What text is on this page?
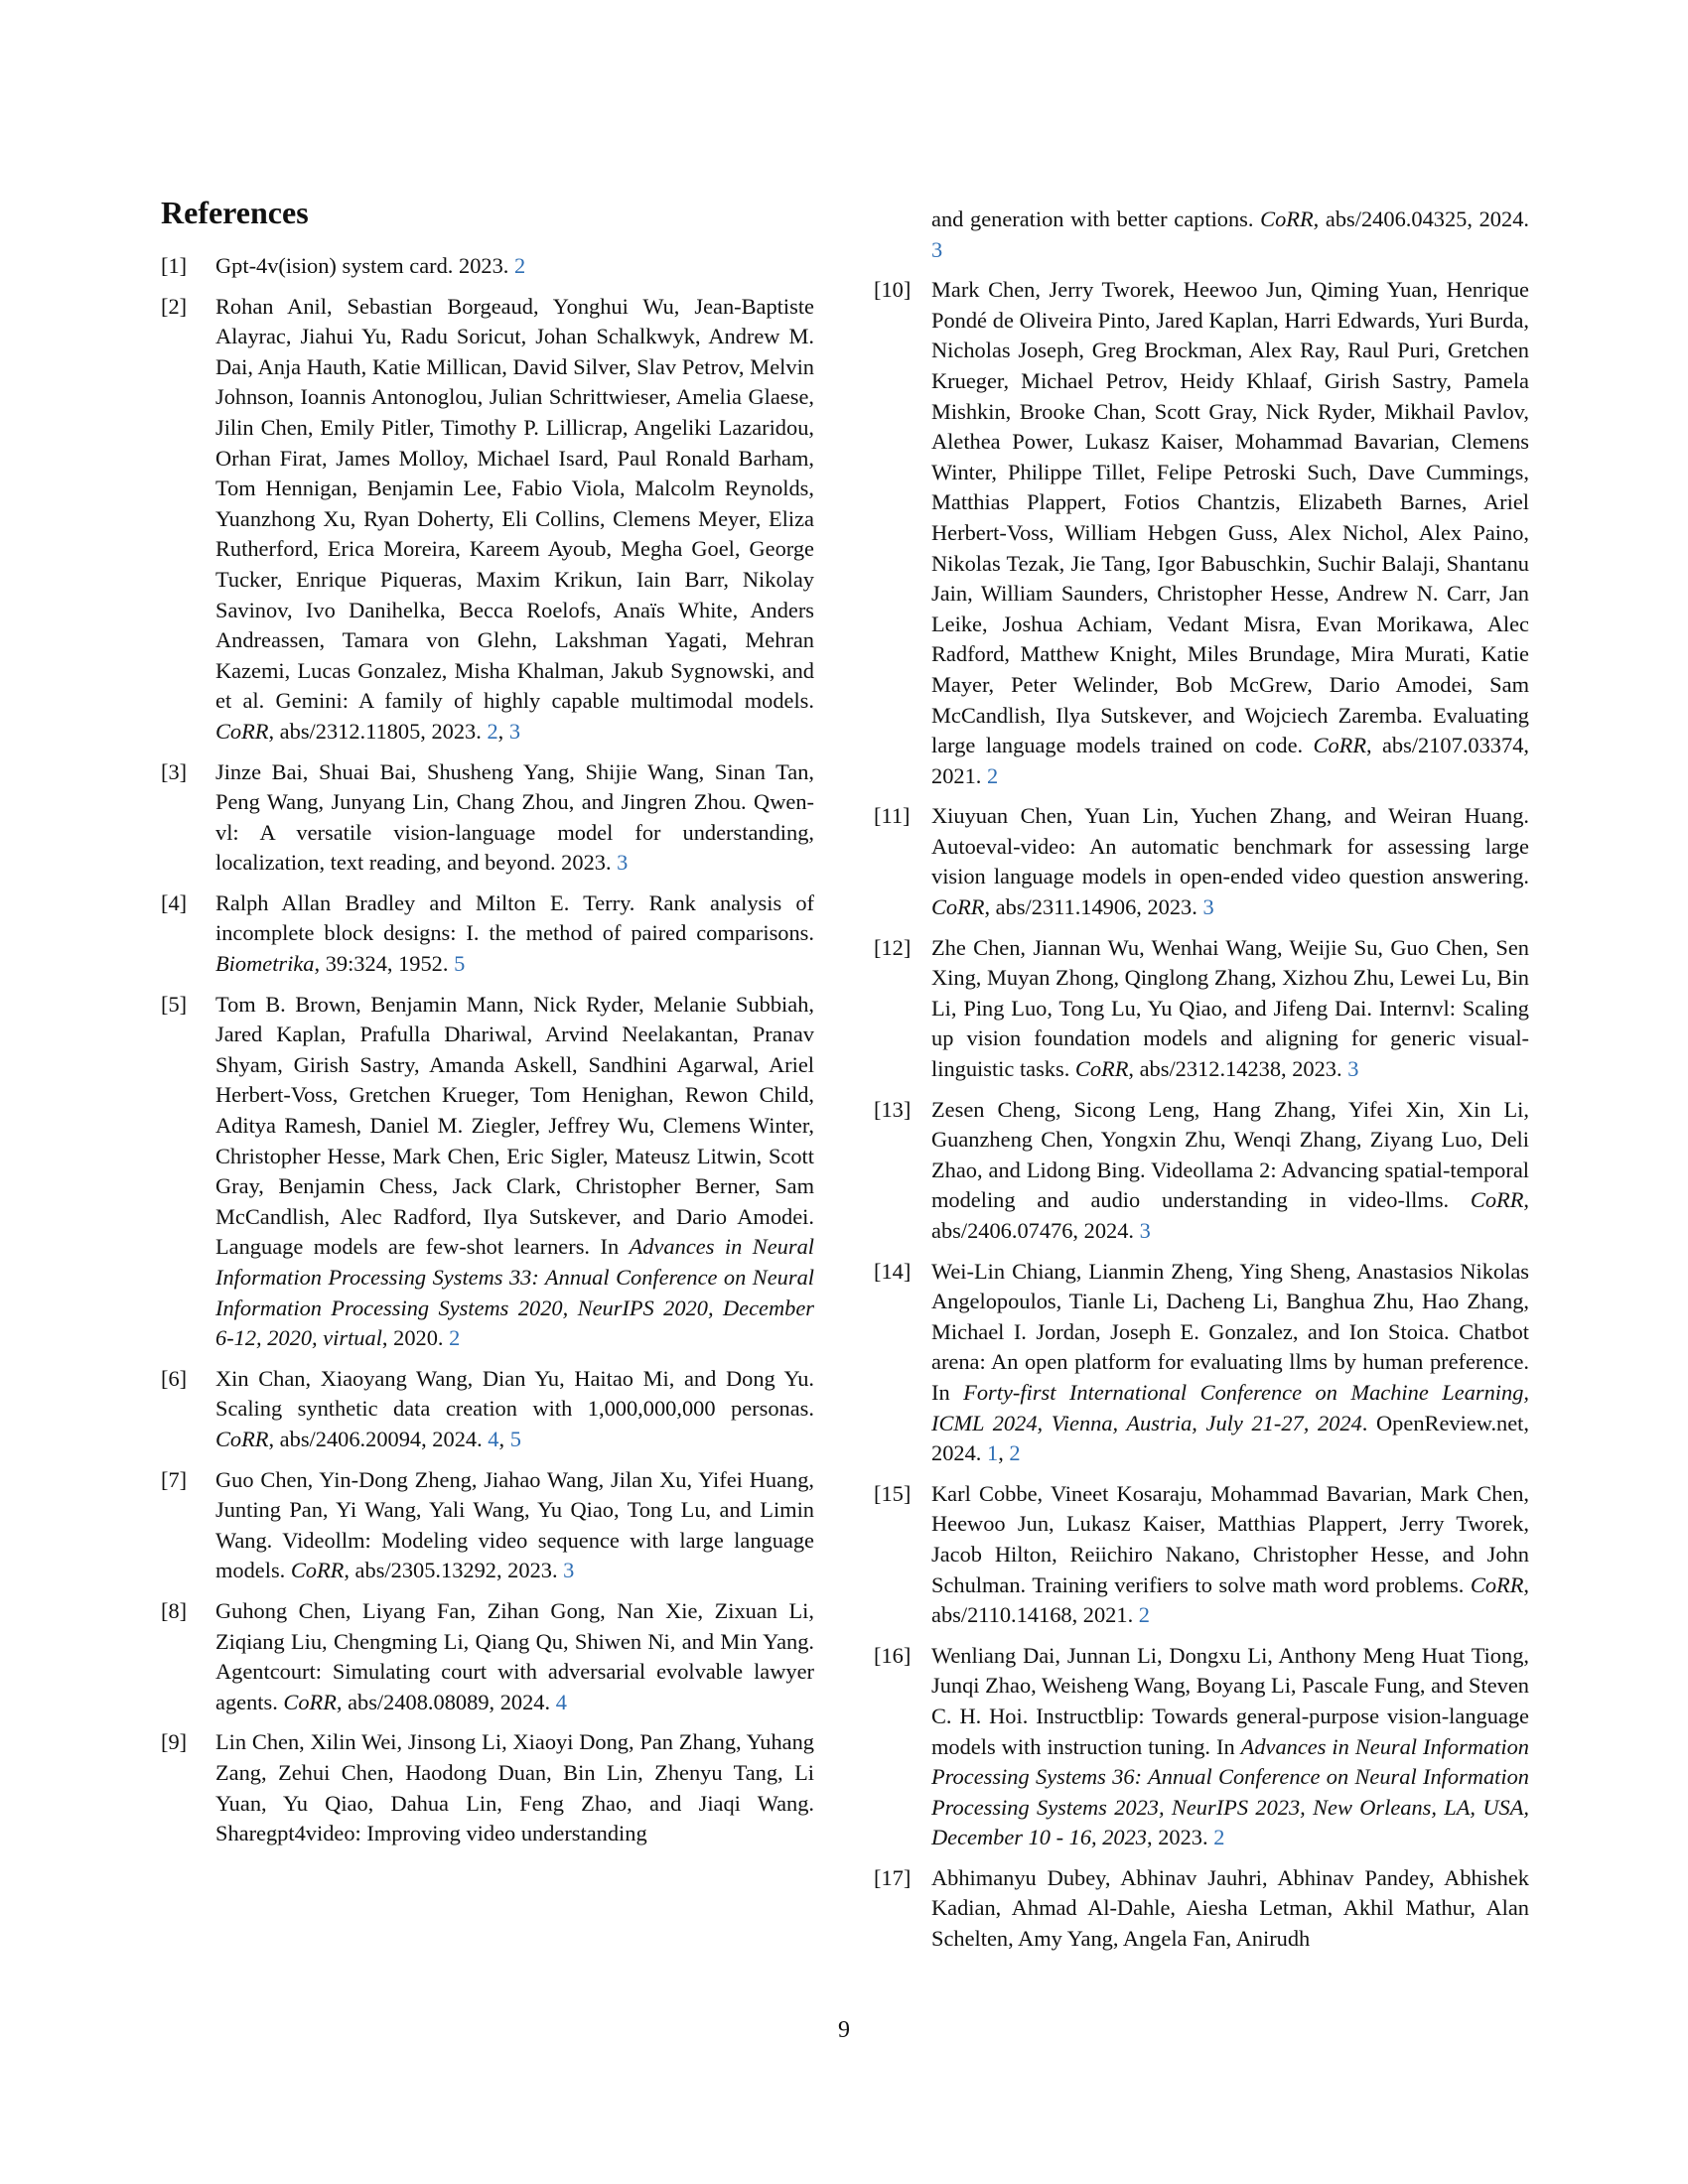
References
[1] Gpt-4v(ision) system card. 2023. 2
[2] Rohan Anil, Sebastian Borgeaud, Yonghui Wu, Jean-Baptiste Alayrac, Jiahui Yu, Radu Soricut, Johan Schalkwyk, Andrew M. Dai, Anja Hauth, Katie Millican, David Silver, Slav Petrov, Melvin Johnson, Ioannis Antonoglou, Julian Schrittwieser, Amelia Glaese, Jilin Chen, Emily Pitler, Timothy P. Lillicrap, Angeliki Lazaridou, Orhan Firat, James Molloy, Michael Isard, Paul Ronald Barham, Tom Hennigan, Benjamin Lee, Fabio Viola, Malcolm Reynolds, Yuanzhong Xu, Ryan Doherty, Eli Collins, Clemens Meyer, Eliza Rutherford, Erica Moreira, Kareem Ayoub, Megha Goel, George Tucker, Enrique Piqueras, Maxim Krikun, Iain Barr, Nikolay Savinov, Ivo Danihelka, Becca Roelofs, Anaïs White, Anders Andreassen, Tamara von Glehn, Lakshman Yagati, Mehran Kazemi, Lucas Gonzalez, Misha Khalman, Jakub Sygnowski, and et al. Gemini: A family of highly capable multimodal models. CoRR, abs/2312.11805, 2023. 2, 3
[3] Jinze Bai, Shuai Bai, Shusheng Yang, Shijie Wang, Sinan Tan, Peng Wang, Junyang Lin, Chang Zhou, and Jingren Zhou. Qwen-vl: A versatile vision-language model for understanding, localization, text reading, and beyond. 2023. 3
[4] Ralph Allan Bradley and Milton E. Terry. Rank analysis of incomplete block designs: I. the method of paired comparisons. Biometrika, 39:324, 1952. 5
[5] Tom B. Brown, Benjamin Mann, Nick Ryder, Melanie Subbiah, Jared Kaplan, Prafulla Dhariwal, Arvind Neelakantan, Pranav Shyam, Girish Sastry, Amanda Askell, Sandhini Agarwal, Ariel Herbert-Voss, Gretchen Krueger, Tom Henighan, Rewon Child, Aditya Ramesh, Daniel M. Ziegler, Jeffrey Wu, Clemens Winter, Christopher Hesse, Mark Chen, Eric Sigler, Mateusz Litwin, Scott Gray, Benjamin Chess, Jack Clark, Christopher Berner, Sam McCandlish, Alec Radford, Ilya Sutskever, and Dario Amodei. Language models are few-shot learners. In Advances in Neural Information Processing Systems 33: Annual Conference on Neural Information Processing Systems 2020, NeurIPS 2020, December 6-12, 2020, virtual, 2020. 2
[6] Xin Chan, Xiaoyang Wang, Dian Yu, Haitao Mi, and Dong Yu. Scaling synthetic data creation with 1,000,000,000 personas. CoRR, abs/2406.20094, 2024. 4, 5
[7] Guo Chen, Yin-Dong Zheng, Jiahao Wang, Jilan Xu, Yifei Huang, Junting Pan, Yi Wang, Yali Wang, Yu Qiao, Tong Lu, and Limin Wang. Videollm: Modeling video sequence with large language models. CoRR, abs/2305.13292, 2023. 3
[8] Guhong Chen, Liyang Fan, Zihan Gong, Nan Xie, Zixuan Li, Ziqiang Liu, Chengming Li, Qiang Qu, Shiwen Ni, and Min Yang. Agentcourt: Simulating court with adversarial evolvable lawyer agents. CoRR, abs/2408.08089, 2024. 4
[9] Lin Chen, Xilin Wei, Jinsong Li, Xiaoyi Dong, Pan Zhang, Yuhang Zang, Zehui Chen, Haodong Duan, Bin Lin, Zhenyu Tang, Li Yuan, Yu Qiao, Dahua Lin, Feng Zhao, and Jiaqi Wang. Sharegpt4video: Improving video understanding
and generation with better captions. CoRR, abs/2406.04325, 2024. 3
[10] Mark Chen, Jerry Tworek, Heewoo Jun, Qiming Yuan, Henrique Pondé de Oliveira Pinto, Jared Kaplan, Harri Edwards, Yuri Burda, Nicholas Joseph, Greg Brockman, Alex Ray, Raul Puri, Gretchen Krueger, Michael Petrov, Heidy Khlaaf, Girish Sastry, Pamela Mishkin, Brooke Chan, Scott Gray, Nick Ryder, Mikhail Pavlov, Alethea Power, Lukasz Kaiser, Mohammad Bavarian, Clemens Winter, Philippe Tillet, Felipe Petroski Such, Dave Cummings, Matthias Plappert, Fotios Chantzis, Elizabeth Barnes, Ariel Herbert-Voss, William Hebgen Guss, Alex Nichol, Alex Paino, Nikolas Tezak, Jie Tang, Igor Babuschkin, Suchir Balaji, Shantanu Jain, William Saunders, Christopher Hesse, Andrew N. Carr, Jan Leike, Joshua Achiam, Vedant Misra, Evan Morikawa, Alec Radford, Matthew Knight, Miles Brundage, Mira Murati, Katie Mayer, Peter Welinder, Bob McGrew, Dario Amodei, Sam McCandlish, Ilya Sutskever, and Wojciech Zaremba. Evaluating large language models trained on code. CoRR, abs/2107.03374, 2021. 2
[11] Xiuyuan Chen, Yuan Lin, Yuchen Zhang, and Weiran Huang. Autoeval-video: An automatic benchmark for assessing large vision language models in open-ended video question answering. CoRR, abs/2311.14906, 2023. 3
[12] Zhe Chen, Jiannan Wu, Wenhai Wang, Weijie Su, Guo Chen, Sen Xing, Muyan Zhong, Qinglong Zhang, Xizhou Zhu, Lewei Lu, Bin Li, Ping Luo, Tong Lu, Yu Qiao, and Jifeng Dai. Internvl: Scaling up vision foundation models and aligning for generic visual-linguistic tasks. CoRR, abs/2312.14238, 2023. 3
[13] Zesen Cheng, Sicong Leng, Hang Zhang, Yifei Xin, Xin Li, Guanzheng Chen, Yongxin Zhu, Wenqi Zhang, Ziyang Luo, Deli Zhao, and Lidong Bing. Videollama 2: Advancing spatial-temporal modeling and audio understanding in video-llms. CoRR, abs/2406.07476, 2024. 3
[14] Wei-Lin Chiang, Lianmin Zheng, Ying Sheng, Anastasios Nikolas Angelopoulos, Tianle Li, Dacheng Li, Banghua Zhu, Hao Zhang, Michael I. Jordan, Joseph E. Gonzalez, and Ion Stoica. Chatbot arena: An open platform for evaluating llms by human preference. In Forty-first International Conference on Machine Learning, ICML 2024, Vienna, Austria, July 21-27, 2024. OpenReview.net, 2024. 1, 2
[15] Karl Cobbe, Vineet Kosaraju, Mohammad Bavarian, Mark Chen, Heewoo Jun, Lukasz Kaiser, Matthias Plappert, Jerry Tworek, Jacob Hilton, Reiichiro Nakano, Christopher Hesse, and John Schulman. Training verifiers to solve math word problems. CoRR, abs/2110.14168, 2021. 2
[16] Wenliang Dai, Junnan Li, Dongxu Li, Anthony Meng Huat Tiong, Junqi Zhao, Weisheng Wang, Boyang Li, Pascale Fung, and Steven C. H. Hoi. Instructblip: Towards general-purpose vision-language models with instruction tuning. In Advances in Neural Information Processing Systems 36: Annual Conference on Neural Information Processing Systems 2023, NeurIPS 2023, New Orleans, LA, USA, December 10 - 16, 2023, 2023. 2
[17] Abhimanyu Dubey, Abhinav Jauhri, Abhinav Pandey, Abhishek Kadian, Ahmad Al-Dahle, Aiesha Letman, Akhil Mathur, Alan Schelten, Amy Yang, Angela Fan, Anirudh
9
